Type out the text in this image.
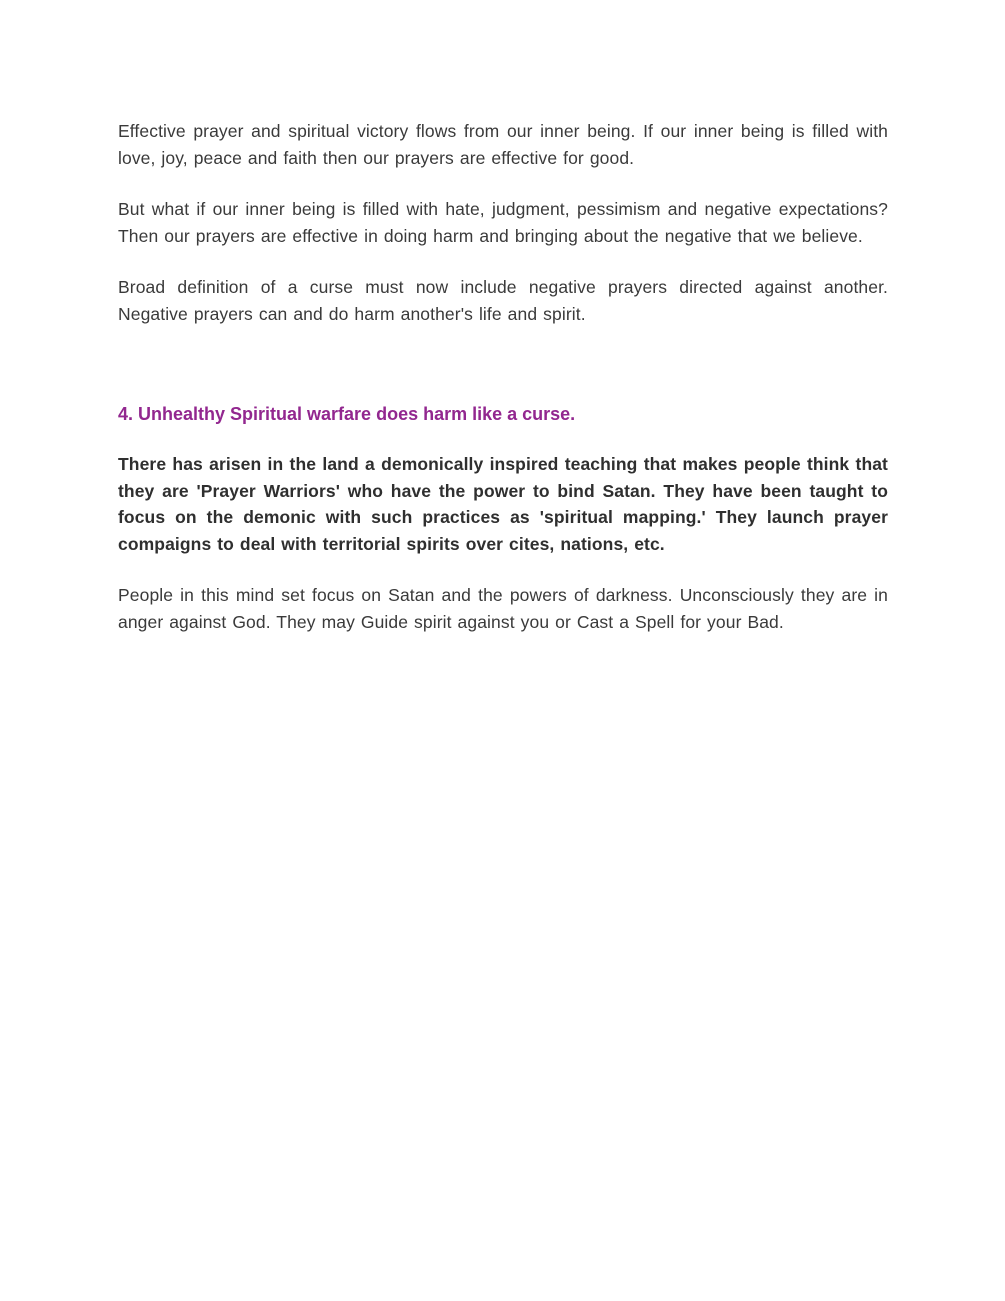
Effective prayer and spiritual victory flows from our inner being. If our inner being is filled with love, joy, peace and faith then our prayers are effective for good.

But what if our inner being is filled with hate, judgment, pessimism and negative expectations? Then our prayers are effective in doing harm and bringing about the negative that we believe.

Broad definition of a curse must now include negative prayers directed against another. Negative prayers can and do harm another's life and spirit.

4. Unhealthy Spiritual warfare does harm like a curse.

There has arisen in the land a demonically inspired teaching that makes people think that they are 'Prayer Warriors' who have the power to bind Satan. They have been taught to focus on the demonic with such practices as 'spiritual mapping.' They launch prayer compaigns to deal with territorial spirits over cites, nations, etc.

People in this mind set focus on Satan and the powers of darkness. Unconsciously they are in anger against God. They may Guide spirit against you or Cast a Spell for your Bad.
